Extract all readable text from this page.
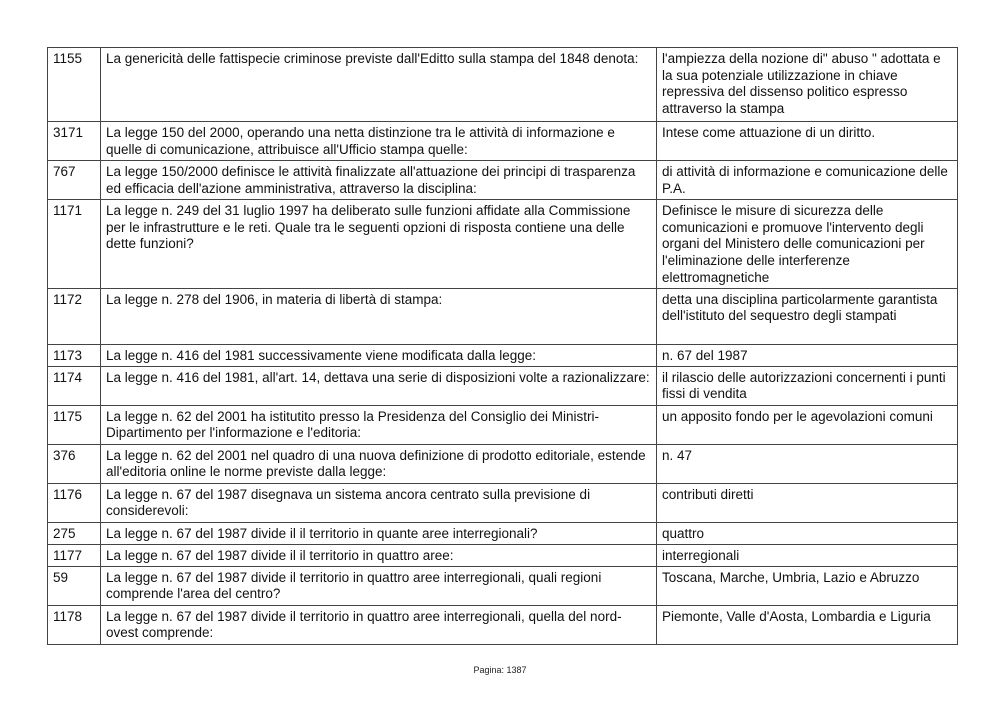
1155	La genericità delle fattispecie criminose previste dall'Editto sulla stampa del 1848 denota:	l'ampiezza della nozione di" abuso " adottata e la sua potenziale utilizzazione in chiave repressiva del dissenso politico espresso attraverso la stampa
3171	La legge 150 del 2000, operando una netta distinzione tra le attività di informazione e quelle di comunicazione, attribuisce all'Ufficio stampa quelle:	Intese come attuazione di un diritto.
767	La legge 150/2000 definisce le attività finalizzate all'attuazione dei principi di trasparenza ed efficacia dell'azione amministrativa, attraverso la disciplina:	di attività di informazione e comunicazione delle P.A.
1171	La legge n. 249 del 31 luglio 1997 ha deliberato sulle funzioni affidate alla Commissione per le infrastrutture e le reti. Quale tra le seguenti opzioni di risposta contiene una delle dette funzioni?	Definisce le misure di sicurezza delle comunicazioni e promuove l'intervento degli organi del Ministero delle comunicazioni per l'eliminazione delle interferenze elettromagnetiche
1172	La legge n. 278 del 1906, in materia di libertà di stampa:	detta una disciplina particolarmente garantista dell'istituto del sequestro degli stampati
1173	La legge n. 416 del 1981 successivamente viene modificata dalla legge:	n. 67 del 1987
1174	La legge n. 416 del 1981, all'art. 14, dettava una serie di disposizioni volte a razionalizzare:	il rilascio delle autorizzazioni concernenti i punti fissi di vendita
1175	La legge n. 62 del 2001 ha istitutito presso la Presidenza del Consiglio dei Ministri-Dipartimento per l'informazione e l'editoria:	un apposito fondo per le agevolazioni comuni
376	La legge n. 62 del 2001 nel quadro di una nuova definizione di prodotto editoriale, estende all'editoria online le norme previste dalla legge:	n. 47
1176	La legge n. 67 del 1987 disegnava un sistema ancora centrato sulla previsione di considerevoli:	contributi diretti
275	La legge n. 67 del 1987 divide il il territorio in quante aree interregionali?	quattro
1177	La legge n. 67 del 1987 divide il il territorio in quattro aree:	interregionali
59	La legge n. 67 del 1987 divide il territorio in quattro aree interregionali, quali regioni comprende l'area del centro?	Toscana, Marche, Umbria, Lazio e Abruzzo
1178	La legge n. 67 del 1987 divide il territorio in quattro aree interregionali, quella del nord-ovest comprende:	Piemonte, Valle d'Aosta, Lombardia e Liguria
Pagina: 1387
